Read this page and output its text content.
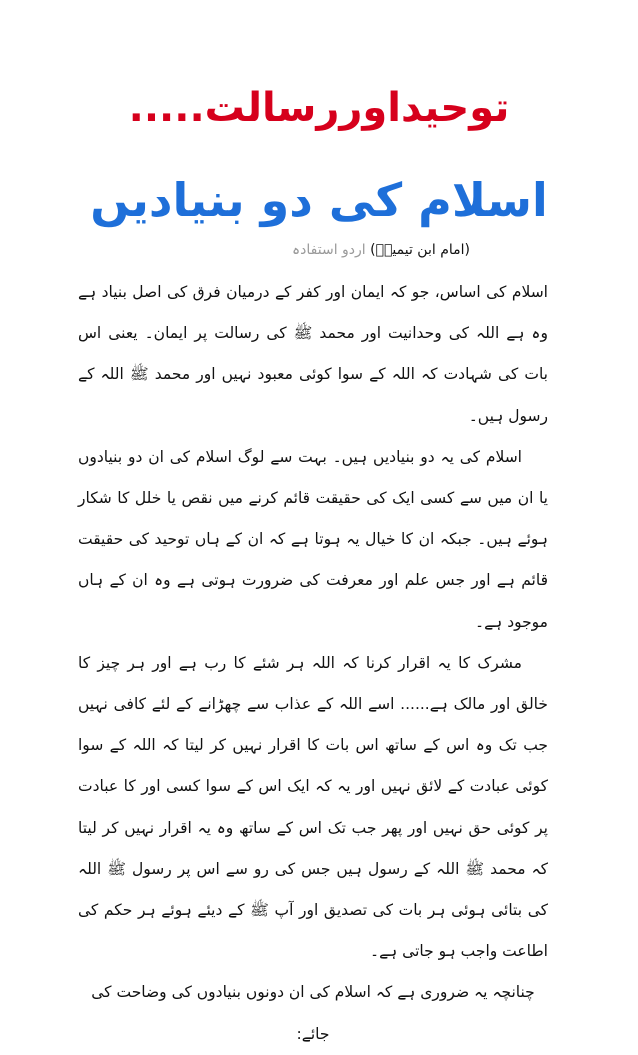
توحیداوررسالت.....
اسلام کی دو بنیادیں
(امام ابن تیمیہؒ) اردو استفادہ

اسلام کی اساس، جو کہ ایمان اور کفر کے درمیان فرق کی اصل بنیاد ہے وہ ہے اللہ کی وحدانیت اور محمد ﷺ کی رسالت پر ایمان۔ یعنی اس بات کی شہادت کہ اللہ کے سوا کوئی معبود نہیں اور محمد ﷺ اللہ کے رسول ہیں۔

اسلام کی یہ دو بنیادیں ہیں۔ بہت سے لوگ اسلام کی ان دو بنیادوں یا ان میں سے کسی ایک کی حقیقت قائم کرنے میں نقص یا خلل کا شکار ہوئے ہیں۔ جبکہ ان کا خیال یہ ہوتا ہے کہ ان کے ہاں توحید کی حقیقت قائم ہے اور جس علم اور معرفت کی ضرورت ہوتی ہے وہ ان کے ہاں موجود ہے۔

مشرک کا یہ اقرار کرنا کہ اللہ ہر شئے کا رب ہے اور ہر چیز کا خالق اور مالک ہے...... اسے اللہ کے عذاب سے چھڑانے کے لئے کافی نہیں جب تک وہ اس کے ساتھ اس بات کا اقرار نہیں کر لیتا کہ اللہ کے سوا کوئی عبادت کے لائق نہیں اور یہ کہ ایک اس کے سوا کسی اور کا عبادت پر کوئی حق نہیں اور پھر جب تک اس کے ساتھ وہ یہ اقرار نہیں کر لیتا کہ محمد ﷺ اللہ کے رسول ہیں جس کی رو سے اس پر رسول ﷺ اللہ کی بتائی ہوئی ہر بات کی تصدیق اور آپ ﷺ کے دیئے ہوئے ہر حکم کی اطاعت واجب ہو جاتی ہے۔

چنانچہ یہ ضروری ہے کہ اسلام کی ان دونوں بنیادوں کی وضاحت کی جائے:
